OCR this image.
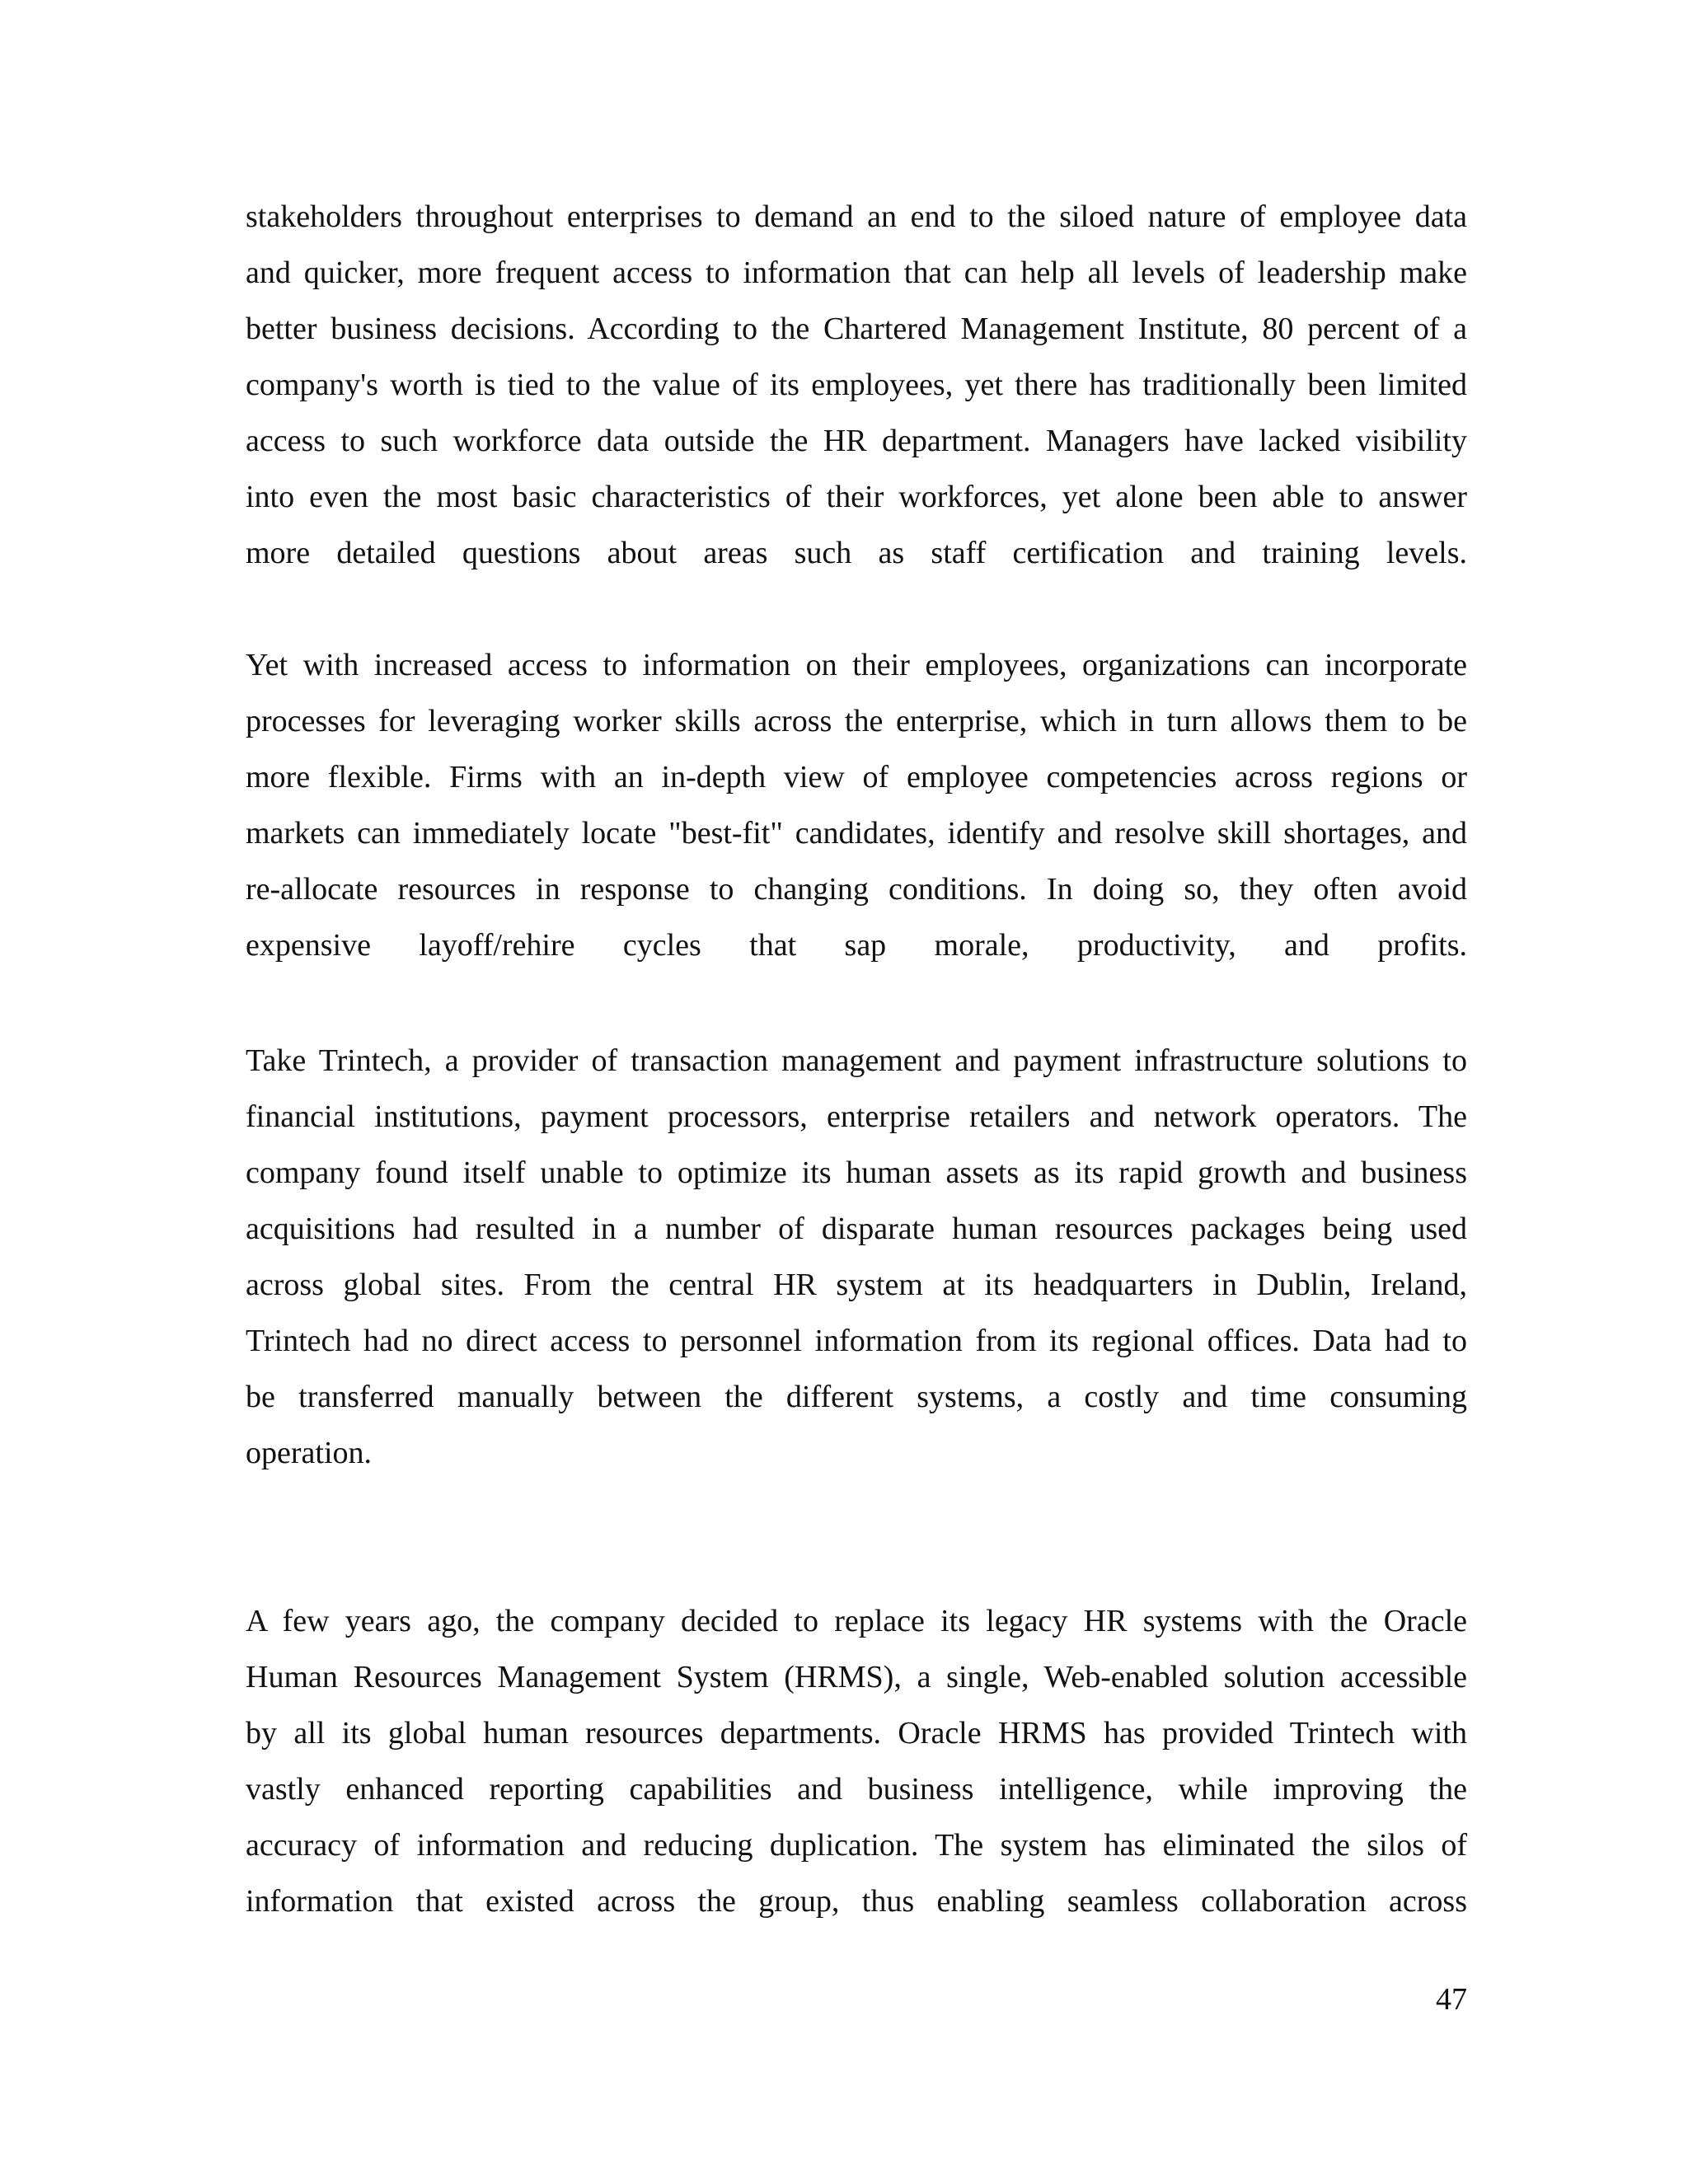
stakeholders throughout enterprises to demand an end to the siloed nature of employee data
and quicker, more frequent access to information that can help all levels of leadership make
better business decisions. According to the Chartered Management Institute, 80 percent of a
company's worth is tied to the value of its employees, yet there has traditionally been limited
access to such workforce data outside the HR department. Managers have lacked visibility
into even the most basic characteristics of their workforces, yet alone been able to answer
more detailed questions about areas such as staff certification and training levels.
Yet with increased access to information on their employees, organizations can incorporate
processes for leveraging worker skills across the enterprise, which in turn allows them to be
more flexible. Firms with an in-depth view of employee competencies across regions or
markets can immediately locate "best-fit" candidates, identify and resolve skill shortages, and
re-allocate resources in response to changing conditions. In doing so, they often avoid
expensive layoff/rehire cycles that sap morale, productivity, and profits.
Take Trintech, a provider of transaction management and payment infrastructure solutions to
financial institutions, payment processors, enterprise retailers and network operators. The
company found itself unable to optimize its human assets as its rapid growth and business
acquisitions had resulted in a number of disparate human resources packages being used
across global sites. From the central HR system at its headquarters in Dublin, Ireland,
Trintech had no direct access to personnel information from its regional offices. Data had to
be transferred manually between the different systems, a costly and time consuming
operation.
A few years ago, the company decided to replace its legacy HR systems with the Oracle
Human Resources Management System (HRMS), a single, Web-enabled solution accessible
by all its global human resources departments. Oracle HRMS has provided Trintech with
vastly enhanced reporting capabilities and business intelligence, while improving the
accuracy of information and reducing duplication. The system has eliminated the silos of
information that existed across the group, thus enabling seamless collaboration across
47
